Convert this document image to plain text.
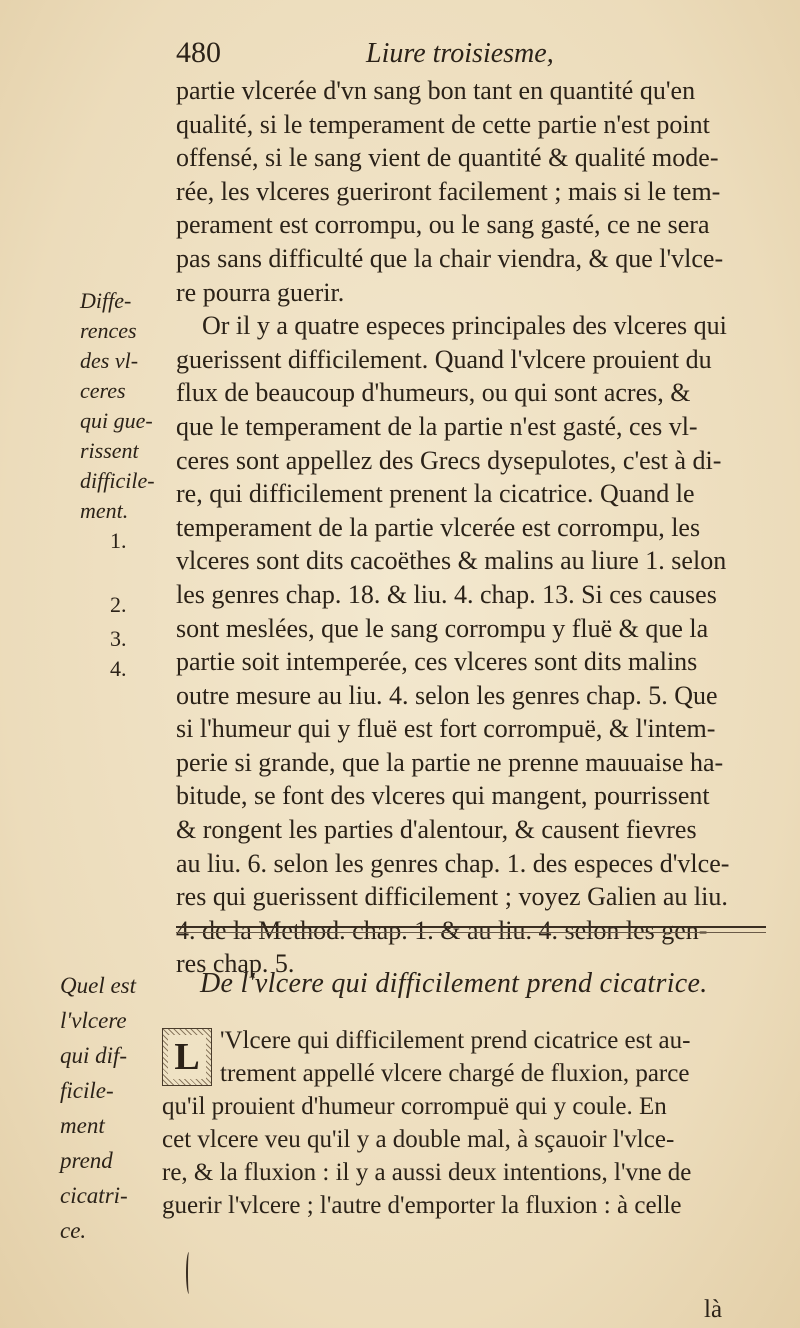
480	Liure troisiesme,
Diffe-
rences
des vl-
ceres
qui gue-
rissent
difficile-
ment.
1.
2.
3.
4.
partie vlcerée d'vn sang bon tant en quantité qu'en
qualité, si le temperament de cette partie n'est point
offensé, si le sang vient de quantité & qualité mode-
rée, les vlceres gueriront facilement ; mais si le tem-
perament est corrompu, ou le sang gasté, ce ne sera
pas sans difficulté que la chair viendra, & que l'vlce-
re pourra guerir.
Or il y a quatre especes principales des vlceres qui
guerissent difficilement. Quand l'vlcere prouient du
flux de beaucoup d'humeurs, ou qui sont acres, &
que le temperament de la partie n'est gasté, ces vl-
ceres sont appellez des Grecs dysepulotes, c'est à di-
re, qui difficilement prenent la cicatrice. Quand le
temperament de la partie vlcerée est corrompu, les
vlceres sont dits cacoëthes & malins au liure 1. selon
les genres chap. 18. & liu. 4. chap. 13. Si ces causes
sont meslées, que le sang corrompu y fluë & que la
partie soit intemperée, ces vlceres sont dits malins
outre mesure au liu. 4. selon les genres chap. 5. Que
si l'humeur qui y fluë est fort corrompuë, & l'intem-
perie si grande, que la partie ne prenne mauuaise ha-
bitude, se font des vlceres qui mangent, pourrissent
& rongent les parties d'alentour, & causent fievres
au liu. 6. selon les genres chap. 1. des especes d'vlce-
res qui guerissent difficilement ; voyez Galien au liu.
4. de la Method. chap. 1. & au liu. 4. selon les gen-
res chap. 5.
Quel est
l'vlcere
qui dif-
ficile-
ment
prend
cicatri-
ce.
De l'vlcere qui difficilement prend cicatrice.
L 'Vlcere qui difficilement prend cicatrice est au-
trement appellé vlcere chargé de fluxion, parce
qu'il prouient d'humeur corrompuë qui y coule. En
cet vlcere veu qu'il y a double mal, à sçauoir l'vlce-
re, & la fluxion : il y a aussi deux intentions, l'vne de
guerir l'vlcere ; l'autre d'emporter la fluxion : à celle
là
